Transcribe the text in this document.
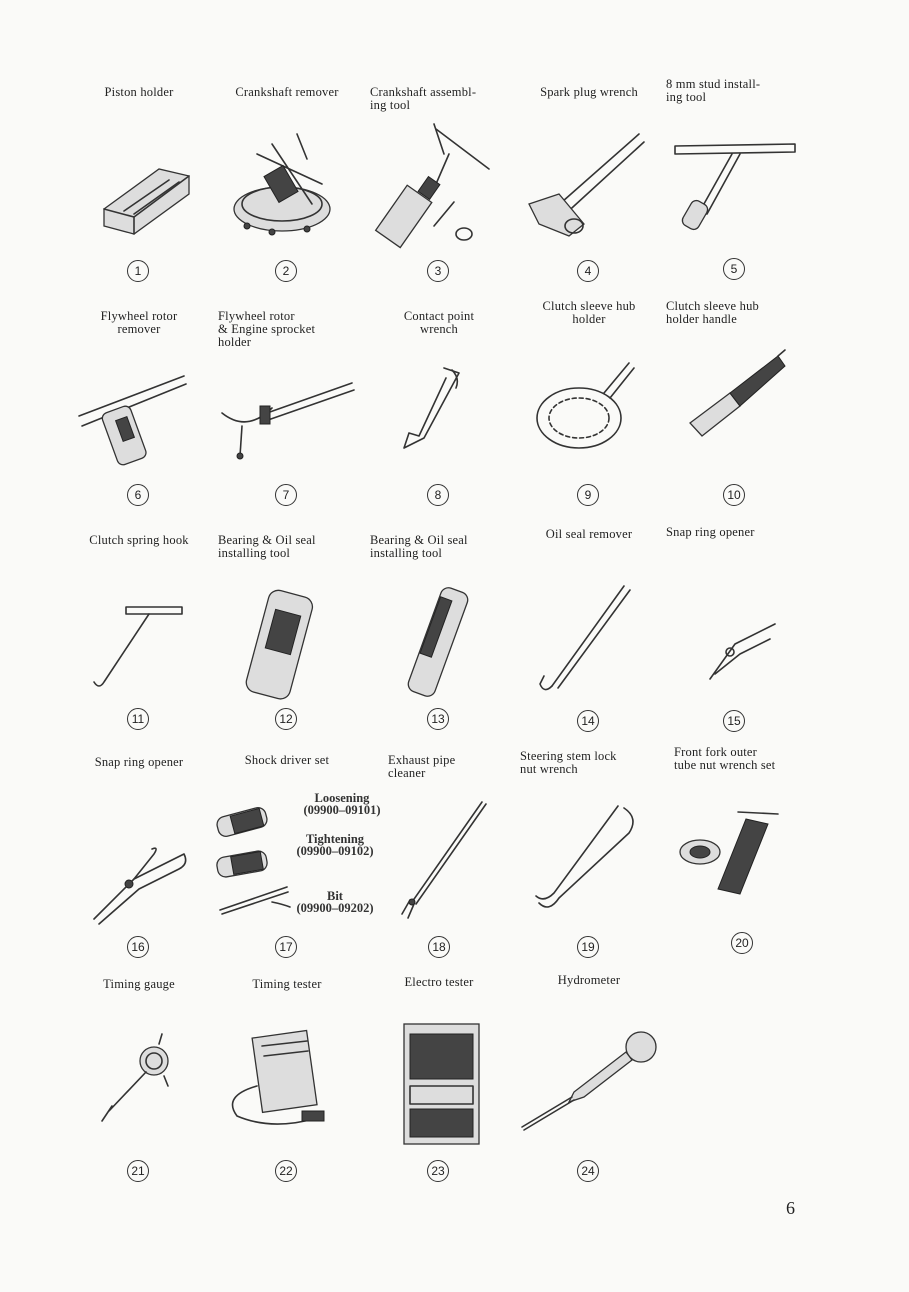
Piston holder
1
Crankshaft remover
2
Crankshaft assembl-
ing tool
3
Spark plug wrench
4
8 mm stud install-
ing tool
5
Flywheel rotor
remover
6
Flywheel rotor
& Engine sprocket
holder
7
Contact point
wrench
8
Clutch sleeve hub
holder
9
Clutch sleeve hub
holder handle
10
Clutch spring hook
11
Bearing & Oil seal
installing tool
12
Bearing & Oil seal
installing tool
13
Oil seal remover
14
Snap ring opener
15
Snap ring opener
16
Shock driver set
17
Loosening
(09900–09101)
Tightening
(09900–09102)
Bit
(09900–09202)
Exhaust pipe
cleaner
18
Steering stem lock
nut wrench
19
Front fork outer
tube nut wrench set
20
Timing gauge
21
Timing tester
22
Electro tester
23
Hydrometer
24
6
